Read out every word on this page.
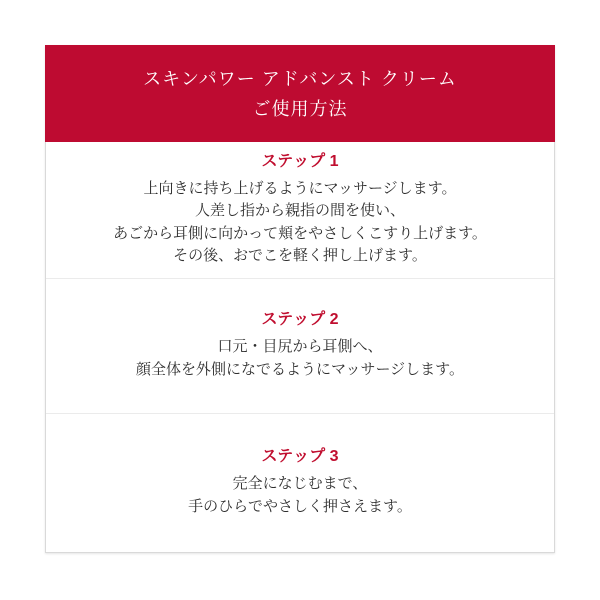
スキンパワー アドバンスト クリーム
ご使用方法
ステップ 1

上向きに持ち上げるようにマッサージします。

人差し指から親指の間を使い、

あごから耳側に向かって頬をやさしくこすり上げます。

その後、おでこを軽く押し上げます。

ステップ 2

口元・目尻から耳側へ、

顔全体を外側になでるようにマッサージします。

ステップ 3

完全になじむまで、

手のひらでやさしく押さえます。
